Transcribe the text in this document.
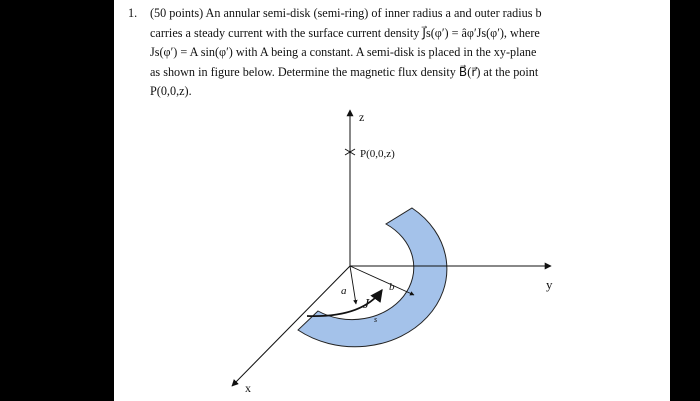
1. (50 points) An annular semi-disk (semi-ring) of inner radius a and outer radius b

carries a steady current with the surface current density J⃗s(φ′) = âφ′Js(φ′), where

Js(φ′) = A sin(φ′) with A being a constant. A semi-disk is placed in the xy-plane

as shown in figure below. Determine the magnetic flux density B⃗(r⃗) at the point

P(0,0,z).

z
y
x
P(0,0,z)
a	b
J
s
